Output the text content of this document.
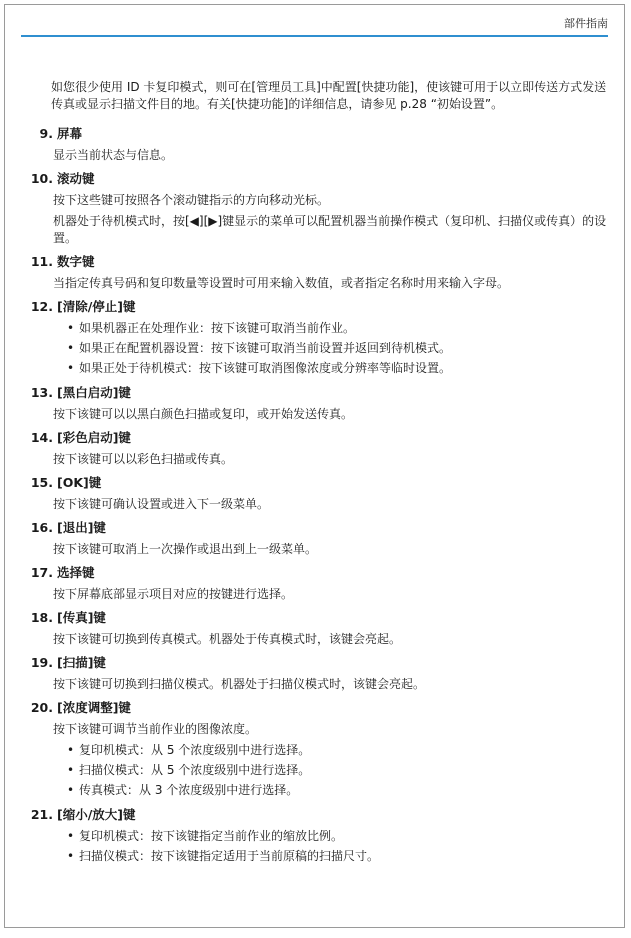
部件指南

如您很少使用 ID 卡复印模式，则可在[管理员工具]中配置[快捷功能]，使该键可用于以立即传送方式发送传真或显示扫描文件目的地。有关[快捷功能]的详细信息，请参见 p.28 “初始设置”。

9. 屏幕

显示当前状态与信息。

10. 滚动键

按下这些键可按照各个滚动键指示的方向移动光标。

机器处于待机模式时，按[◀][▶]键显示的菜单可以配置机器当前操作模式（复印机、扫描仪或传真）的设置。

11. 数字键

当指定传真号码和复印数量等设置时可用来输入数值，或者指定名称时用来输入字母。

12. [清除/停止]键
• 如果机器正在处理作业：按下该键可取消当前作业。
• 如果正在配置机器设置：按下该键可取消当前设置并返回到待机模式。
• 如果正处于待机模式：按下该键可取消图像浓度或分辨率等临时设置。
13. [黑白启动]键

按下该键可以以黑白颜色扫描或复印，或开始发送传真。

14. [彩色启动]键

按下该键可以以彩色扫描或传真。

15. [OK]键

按下该键可确认设置或进入下一级菜单。

16. [退出]键

按下该键可取消上一次操作或退出到上一级菜单。

17. 选择键

按下屏幕底部显示项目对应的按键进行选择。

18. [传真]键

按下该键可切换到传真模式。机器处于传真模式时，该键会亮起。

19. [扫描]键

按下该键可切换到扫描仪模式。机器处于扫描仪模式时，该键会亮起。

20. [浓度调整]键

按下该键可调节当前作业的图像浓度。

• 复印机模式：从 5 个浓度级别中进行选择。
• 扫描仪模式：从 5 个浓度级别中进行选择。
• 传真模式：从 3 个浓度级别中进行选择。
21. [缩小/放大]键
• 复印机模式：按下该键指定当前作业的缩放比例。
• 扫描仪模式：按下该键指定适用于当前原稿的扫描尺寸。
